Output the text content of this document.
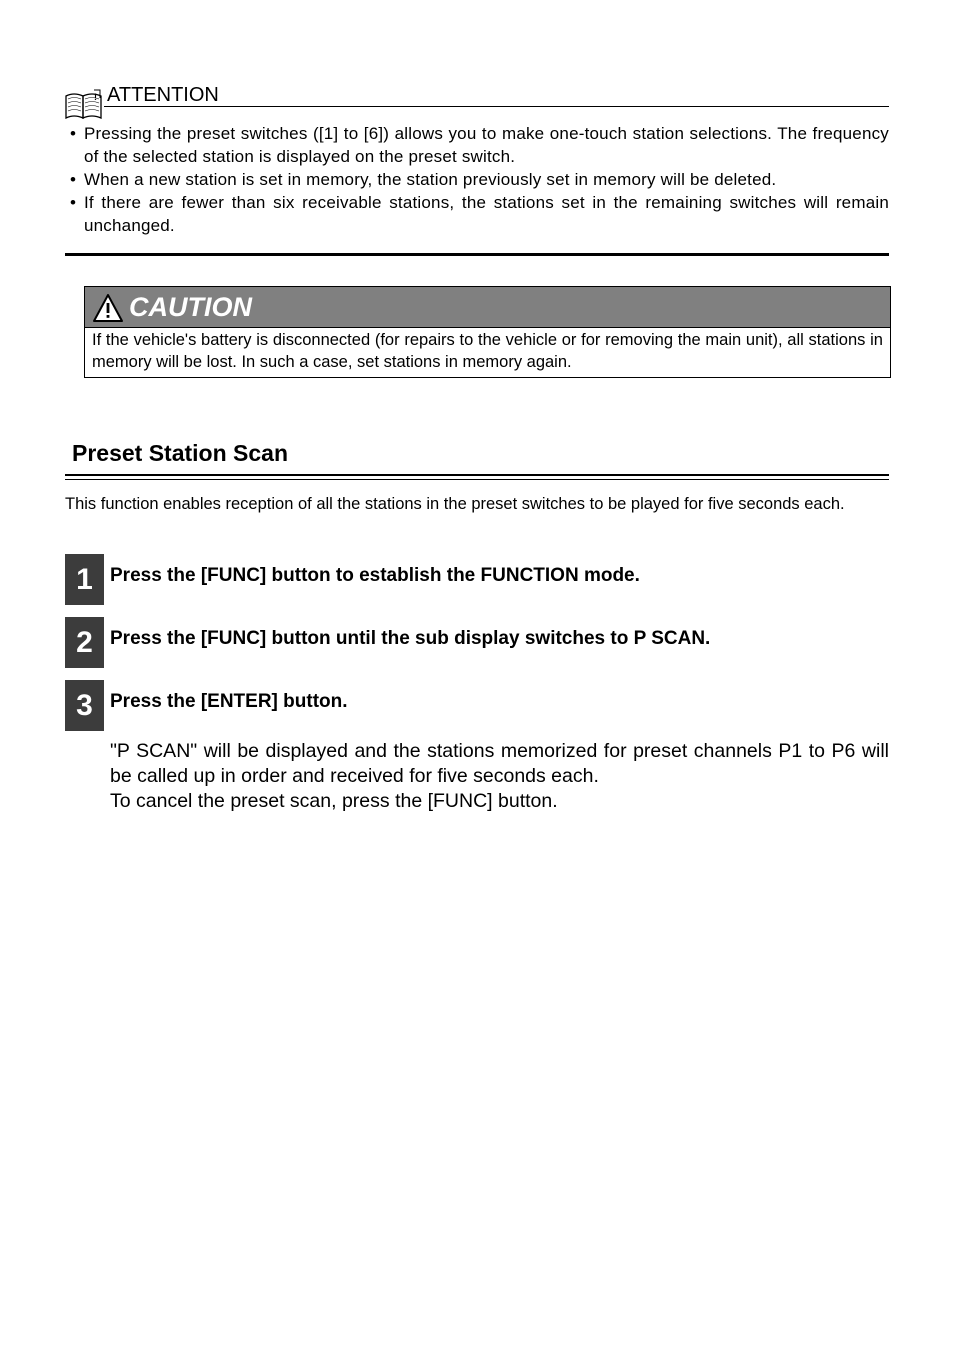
! ATTENTION
• Pressing the preset switches ([1] to [6]) allows you to make one-touch station selections. The frequency of the selected station is displayed on the preset switch.
• When a new station is set in memory, the station previously set in memory will be deleted.
• If there are fewer than six receivable stations, the stations set in the remaining switches will remain unchanged.
CAUTION
If the vehicle's battery is disconnected (for repairs to the vehicle or for removing the main unit), all stations in memory will be lost. In such a case, set stations in memory again.
Preset Station Scan
This function enables reception of all the stations in the preset switches to be played for five seconds each.
1 Press the [FUNC] button to establish the FUNCTION mode.
2 Press the [FUNC] button until the sub display switches to P SCAN.
3 Press the [ENTER] button.

"P SCAN" will be displayed and the stations memorized for preset channels P1 to P6 will be called up in order and received for five seconds each.

To cancel the preset scan, press the [FUNC] button.
